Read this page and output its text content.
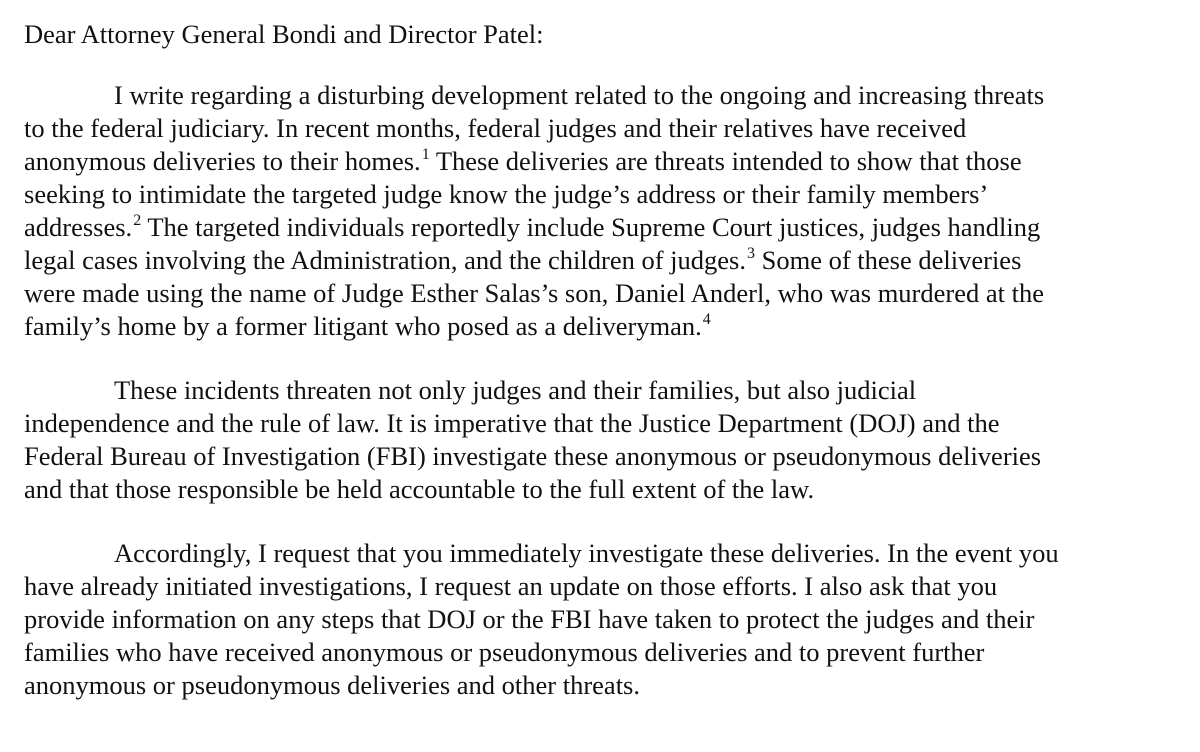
Dear Attorney General Bondi and Director Patel:
I write regarding a disturbing development related to the ongoing and increasing threats
to the federal judiciary. In recent months, federal judges and their relatives have received
anonymous deliveries to their homes.$^1$ These deliveries are threats intended to show that those
seeking to intimidate the targeted judge know the judge’s address or their family members’
addresses.$^2$ The targeted individuals reportedly include Supreme Court justices, judges handling
legal cases involving the Administration, and the children of judges.$^3$ Some of these deliveries
were made using the name of Judge Esther Salas’s son, Daniel Anderl, who was murdered at the
family’s home by a former litigant who posed as a deliveryman.$^4$
These incidents threaten not only judges and their families, but also judicial
independence and the rule of law. It is imperative that the Justice Department (DOJ) and the
Federal Bureau of Investigation (FBI) investigate these anonymous or pseudonymous deliveries
and that those responsible be held accountable to the full extent of the law.
Accordingly, I request that you immediately investigate these deliveries. In the event you
have already initiated investigations, I request an update on those efforts. I also ask that you
provide information on any steps that DOJ or the FBI have taken to protect the judges and their
families who have received anonymous or pseudonymous deliveries and to prevent further
anonymous or pseudonymous deliveries and other threats.
